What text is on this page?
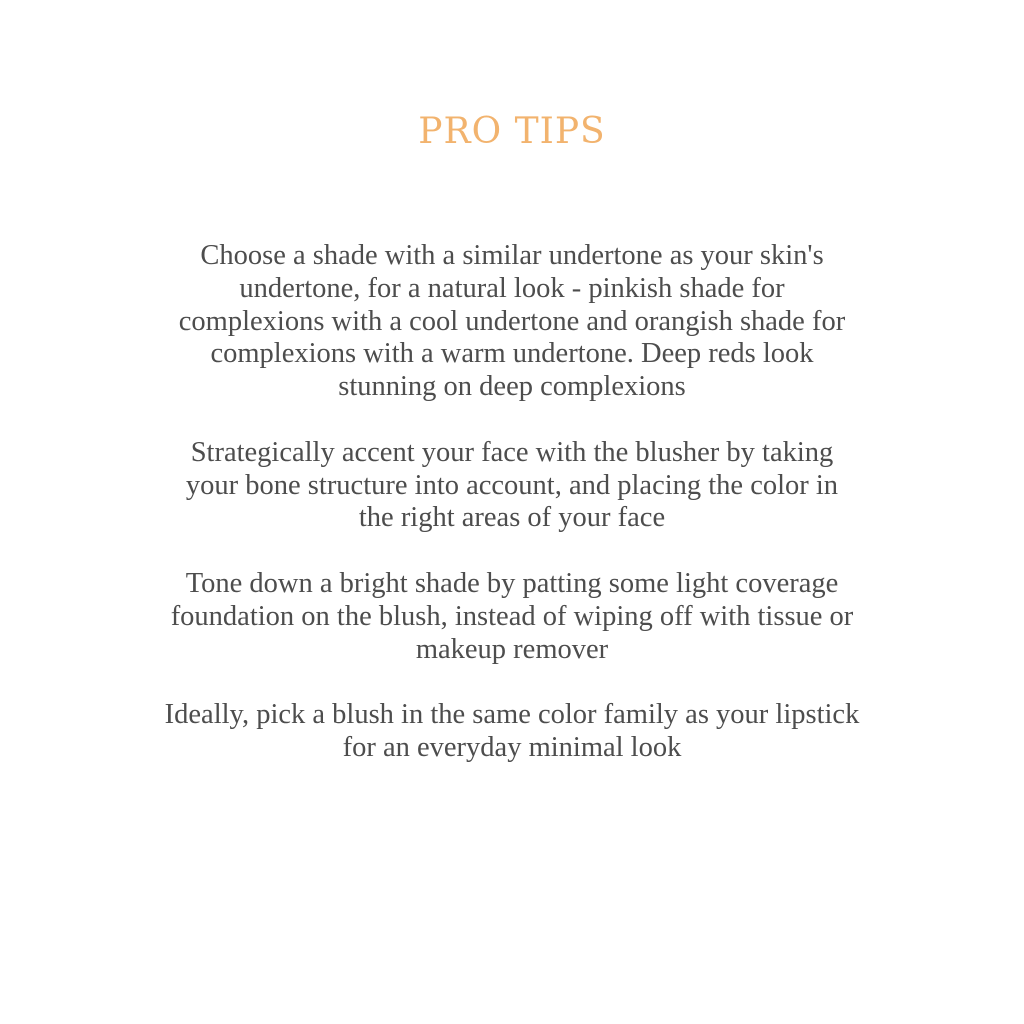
PRO TIPS
Choose a shade with a similar undertone as your skin's
undertone, for a natural look - pinkish shade for
complexions with a cool undertone and orangish shade for
complexions with a warm undertone. Deep reds look
stunning on deep complexions
Strategically accent your face with the blusher by taking
your bone structure into account, and placing the color in
the right areas of your face
Tone down a bright shade by patting some light coverage
foundation on the blush, instead of wiping off with tissue or
makeup remover
Ideally, pick a blush in the same color family as your lipstick
for an everyday minimal look
